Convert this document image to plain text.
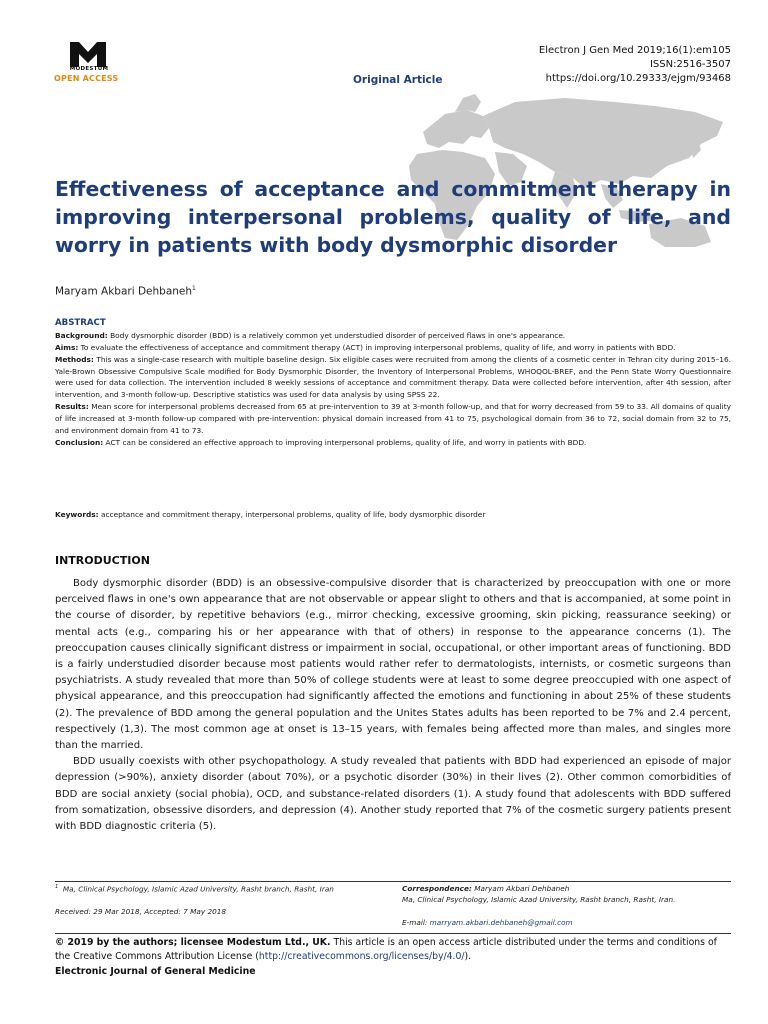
MODESTUM
OPEN ACCESS	Original Article
Electron J Gen Med 2019;16(1):em105
ISSN:2516-3507
https://doi.org/10.29333/ejgm/93468
Effectiveness of acceptance and commitment therapy in improving interpersonal problems, quality of life, and worry in patients with body dysmorphic disorder
Maryam Akbari Dehbaneh$^1$
ABSTRACT

Background: Body dysmorphic disorder (BDD) is a relatively common yet understudied disorder of perceived flaws in one's appearance.

Aims: To evaluate the effectiveness of acceptance and commitment therapy (ACT) in improving interpersonal problems, quality of life, and worry in patients with BDD.

Methods: This was a single-case research with multiple baseline design. Six eligible cases were recruited from among the clients of a cosmetic center in Tehran city during 2015–16. Yale-Brown Obsessive Compulsive Scale modified for Body Dysmorphic Disorder, the Inventory of Interpersonal Problems, WHOQOL-BREF, and the Penn State Worry Questionnaire were used for data collection. The intervention included 8 weekly sessions of acceptance and commitment therapy. Data were collected before intervention, after 4th session, after intervention, and 3-month follow-up. Descriptive statistics was used for data analysis by using SPSS 22.

Results: Mean score for interpersonal problems decreased from 65 at pre-intervention to 39 at 3-month follow-up, and that for worry decreased from 59 to 33. All domains of quality of life increased at 3-month follow-up compared with pre-intervention: physical domain increased from 41 to 75, psychological domain from 36 to 72, social domain from 32 to 75, and environment domain from 41 to 73.

Conclusion: ACT can be considered an effective approach to improving interpersonal problems, quality of life, and worry in patients with BDD.

Keywords: acceptance and commitment therapy, interpersonal problems, quality of life, body dysmorphic disorder
INTRODUCTION

Body dysmorphic disorder (BDD) is an obsessive-compulsive disorder that is characterized by preoccupation with one or more perceived flaws in one's own appearance that are not observable or appear slight to others and that is accompanied, at some point in the course of disorder, by repetitive behaviors (e.g., mirror checking, excessive grooming, skin picking, reassurance seeking) or mental acts (e.g., comparing his or her appearance with that of others) in response to the appearance concerns (1). The preoccupation causes clinically significant distress or impairment in social, occupational, or other important areas of functioning. BDD is a fairly understudied disorder because most patients would rather refer to dermatologists, internists, or cosmetic surgeons than psychiatrists. A study revealed that more than 50% of college students were at least to some degree preoccupied with one aspect of physical appearance, and this preoccupation had significantly affected the emotions and functioning in about 25% of these students (2). The prevalence of BDD among the general population and the Unites States adults has been reported to be 7% and 2.4 percent, respectively (1,3). The most common age at onset is 13–15 years, with females being affected more than males, and singles more than the married.

BDD usually coexists with other psychopathology. A study revealed that patients with BDD had experienced an episode of major depression (>90%), anxiety disorder (about 70%), or a psychotic disorder (30%) in their lives (2). Other common comorbidities of BDD are social anxiety (social phobia), OCD, and substance-related disorders (1). A study found that adolescents with BDD suffered from somatization, obsessive disorders, and depression (4). Another study reported that 7% of the cosmetic surgery patients present with BDD diagnostic criteria (5).

$^1$ Ma, Clinical Psychology, Islamic Azad University, Rasht branch, Rasht, Iran
Received: 29 Mar 2018, Accepted: 7 May 2018
Correspondence: Maryam Akbari Dehbaneh
Ma, Clinical Psychology, Islamic Azad University, Rasht branch, Rasht, Iran.
E-mail: marryam.akbari.dehbaneh@gmail.com
© 2019 by the authors; licensee Modestum Ltd., UK. This article is an open access article distributed under the terms and conditions of the Creative Commons Attribution License (http://creativecommons.org/licenses/by/4.0/).
Electronic Journal of General Medicine
